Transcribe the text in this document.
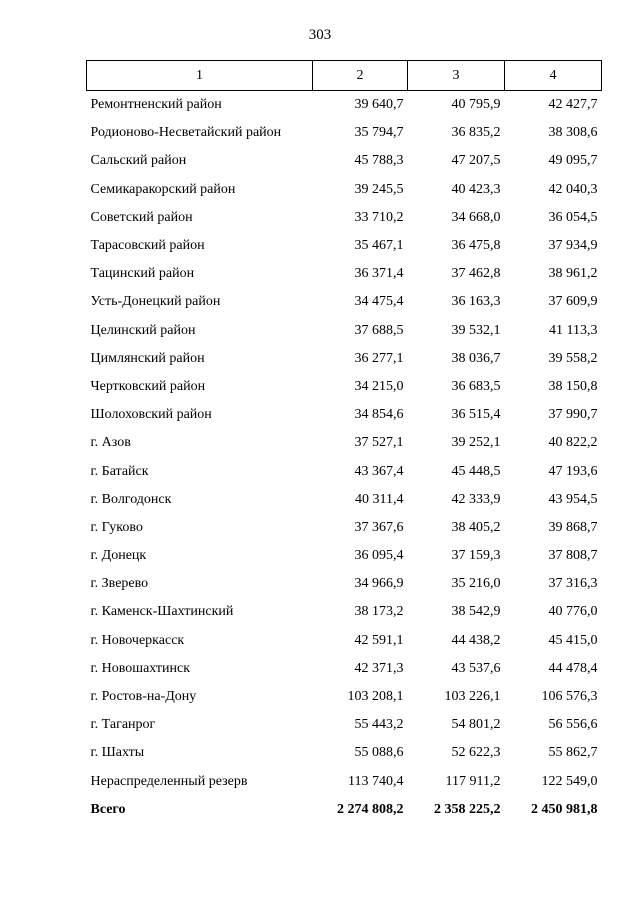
303
1	2	3	4
Ремонтненский район	39 640,7	40 795,9	42 427,7
Родионово-Несветайский район	35 794,7	36 835,2	38 308,6
Сальский район	45 788,3	47 207,5	49 095,7
Семикаракорский район	39 245,5	40 423,3	42 040,3
Советский район	33 710,2	34 668,0	36 054,5
Тарасовский район	35 467,1	36 475,8	37 934,9
Тацинский район	36 371,4	37 462,8	38 961,2
Усть-Донецкий район	34 475,4	36 163,3	37 609,9
Целинский район	37 688,5	39 532,1	41 113,3
Цимлянский район	36 277,1	38 036,7	39 558,2
Чертковский район	34 215,0	36 683,5	38 150,8
Шолоховский район	34 854,6	36 515,4	37 990,7
г. Азов	37 527,1	39 252,1	40 822,2
г. Батайск	43 367,4	45 448,5	47 193,6
г. Волгодонск	40 311,4	42 333,9	43 954,5
г. Гуково	37 367,6	38 405,2	39 868,7
г. Донецк	36 095,4	37 159,3	37 808,7
г. Зверево	34 966,9	35 216,0	37 316,3
г. Каменск-Шахтинский	38 173,2	38 542,9	40 776,0
г. Новочеркасск	42 591,1	44 438,2	45 415,0
г. Новошахтинск	42 371,3	43 537,6	44 478,4
г. Ростов-на-Дону	103 208,1	103 226,1	106 576,3
г. Таганрог	55 443,2	54 801,2	56 556,6
г. Шахты	55 088,6	52 622,3	55 862,7
Нераспределенный резерв	113 740,4	117 911,2	122 549,0
Всего	2 274 808,2	2 358 225,2	2 450 981,8
